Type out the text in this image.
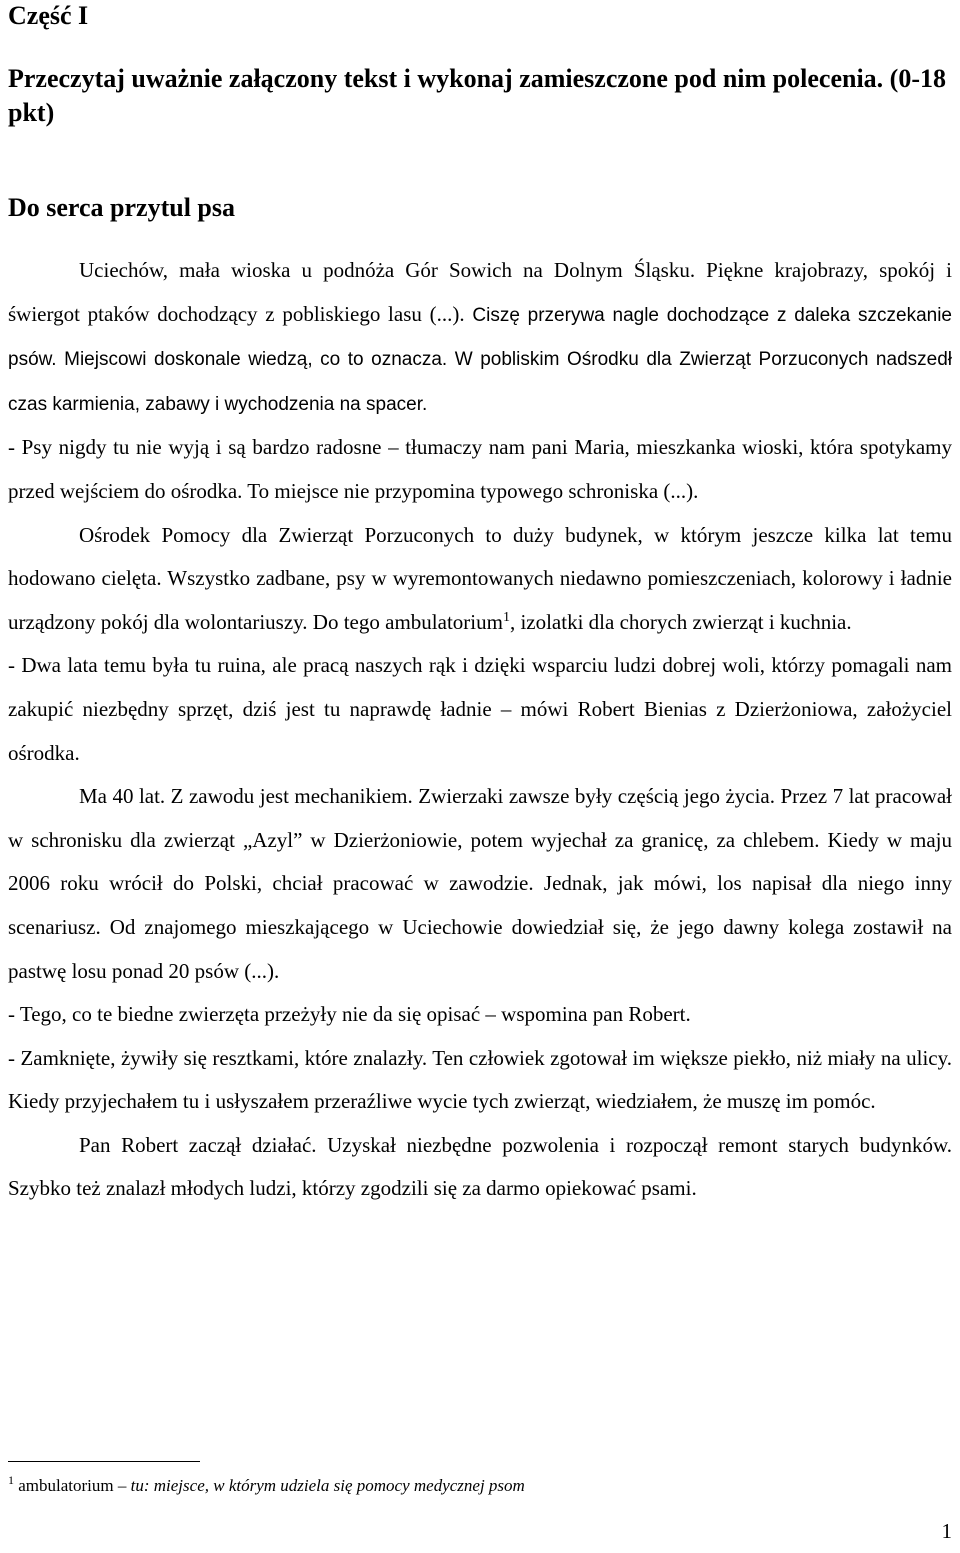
Część I
Przeczytaj uważnie załączony tekst i wykonaj zamieszczone pod nim polecenia. (0-18 pkt)
Do serca przytul psa

Uciechów, mała wioska u podnóża Gór Sowich na Dolnym Śląsku. Piękne krajobrazy, spokój i świergot ptaków dochodzący z pobliskiego lasu (...). Ciszę przerywa nagle dochodzące z daleka szczekanie psów. Miejscowi doskonale wiedzą, co to oznacza. W pobliskim Ośrodku dla Zwierząt Porzuconych nadszedł czas karmienia, zabawy i wychodzenia na spacer.

- Psy nigdy tu nie wyją i są bardzo radosne – tłumaczy nam pani Maria, mieszkanka wioski, która spotykamy przed wejściem do ośrodka. To miejsce nie przypomina typowego schroniska (...).

Ośrodek Pomocy dla Zwierząt Porzuconych to duży budynek, w którym jeszcze kilka lat temu hodowano cielęta. Wszystko zadbane, psy w wyremontowanych niedawno pomieszczeniach, kolorowy i ładnie urządzony pokój dla wolontariuszy. Do tego ambulatorium$^1$, izolatki dla chorych zwierząt i kuchnia.

- Dwa lata temu była tu ruina, ale pracą naszych rąk i dzięki wsparciu ludzi dobrej woli, którzy pomagali nam zakupić niezbędny sprzęt, dziś jest tu naprawdę ładnie – mówi Robert Bienias z Dzierżoniowa, założyciel ośrodka.

Ma 40 lat. Z zawodu jest mechanikiem. Zwierzaki zawsze były częścią jego życia. Przez 7 lat pracował w schronisku dla zwierząt „Azyl” w Dzierżoniowie, potem wyjechał za granicę, za chlebem. Kiedy w maju 2006 roku wrócił do Polski, chciał pracować w zawodzie. Jednak, jak mówi, los napisał dla niego inny scenariusz. Od znajomego mieszkającego w Uciechowie dowiedział się, że jego dawny kolega zostawił na pastwę losu ponad 20 psów (...).

- Tego, co te biedne zwierzęta przeżyły nie da się opisać – wspomina pan Robert.

- Zamknięte, żywiły się resztkami, które znalazły. Ten człowiek zgotował im większe piekło, niż miały na ulicy. Kiedy przyjechałem tu i usłyszałem przeraźliwe wycie tych zwierząt, wiedziałem, że muszę im pomóc.

Pan Robert zaczął działać. Uzyskał niezbędne pozwolenia i rozpoczął remont starych budynków. Szybko też znalazł młodych ludzi, którzy zgodzili się za darmo opiekować psami.

$^1$ ambulatorium – tu: miejsce, w którym udziela się pomocy medycznej psom
1
